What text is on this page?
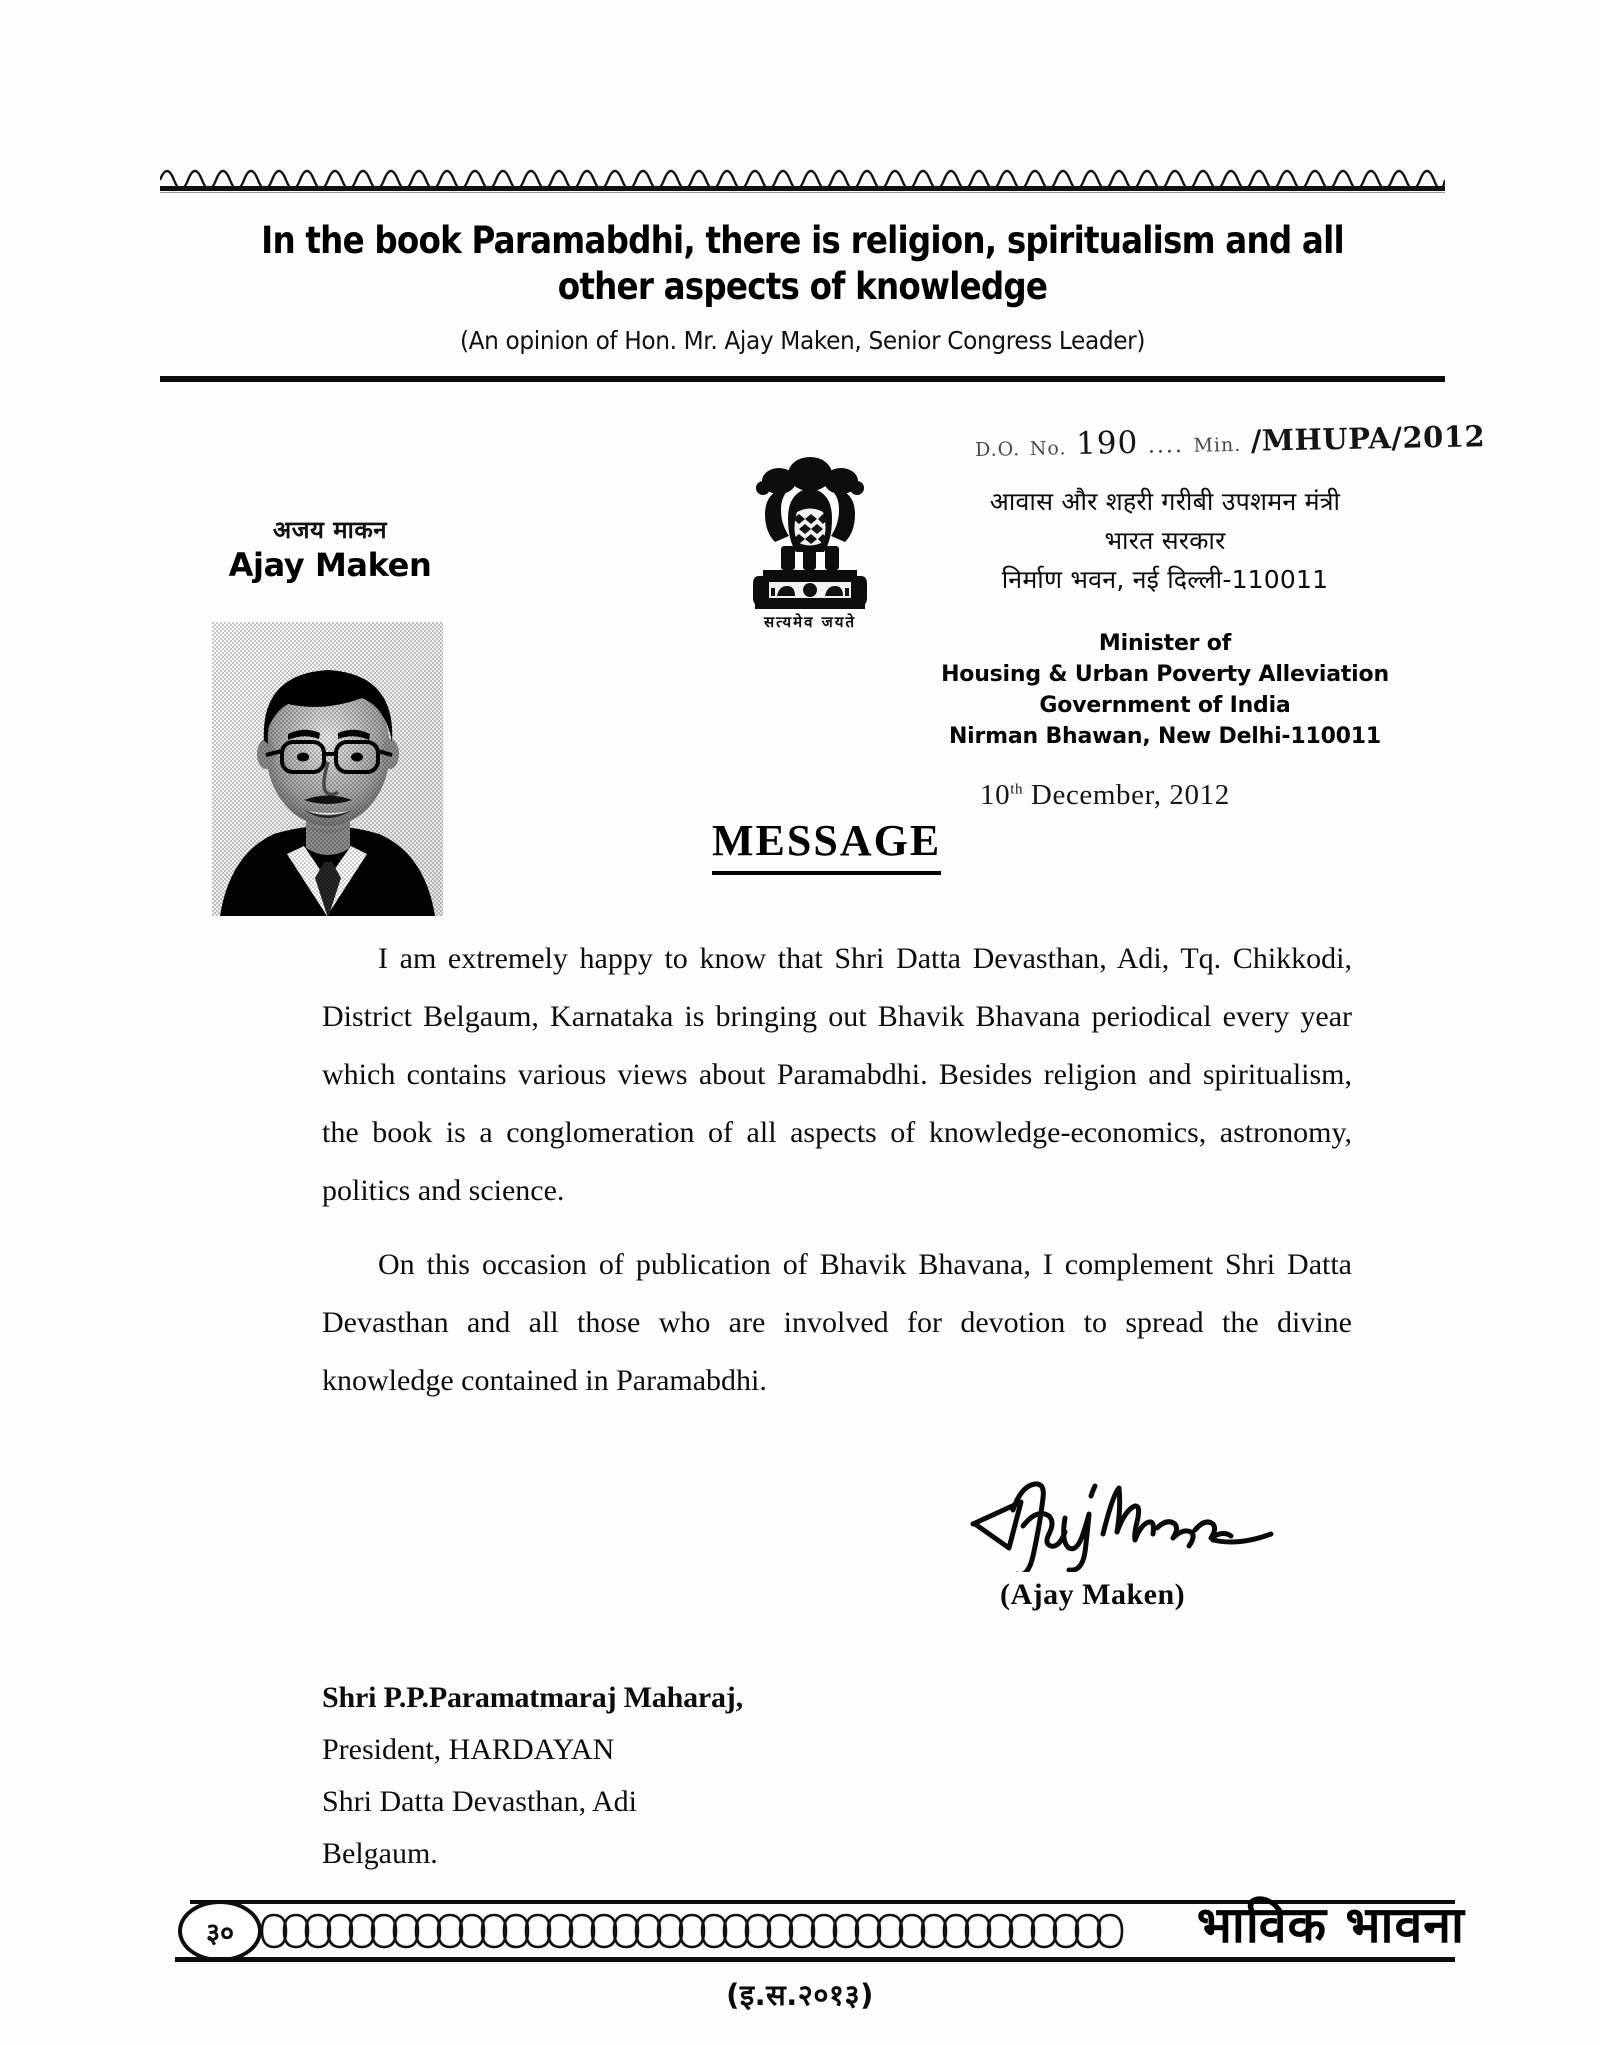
In the book Paramabdhi, there is religion, spiritualism and all other aspects of knowledge

(An opinion of Hon. Mr. Ajay Maken, Senior Congress Leader)

D.O. No. 190 .... Min. /MHUPA/2012
सत्यमेव जयते
आवास और शहरी गरीबी उपशमन मंत्री
भारत सरकार
निर्माण भवन, नई दिल्ली-110011
Minister of
Housing & Urban Poverty Alleviation
Government of India
Nirman Bhawan, New Delhi-110011
10th December, 2012
अजय माकन
Ajay Maken
MESSAGE

I am extremely happy to know that Shri Datta Devasthan, Adi, Tq. Chikkodi, District Belgaum, Karnataka is bringing out Bhavik Bhavana periodical every year which contains various views about Paramabdhi. Besides religion and spiritualism, the book is a conglomeration of all aspects of knowledge-economics, astronomy, politics and science.

On this occasion of publication of Bhavik Bhavana, I complement Shri Datta Devasthan and all those who are involved for devotion to spread the divine knowledge contained in Paramabdhi.

(Ajay Maken)
Shri P.P.Paramatmaraj Maharaj,
President, HARDAYAN
Shri Datta Devasthan, Adi
Belgaum.
३०	भाविक भावना
(इ.स.२०१३)
